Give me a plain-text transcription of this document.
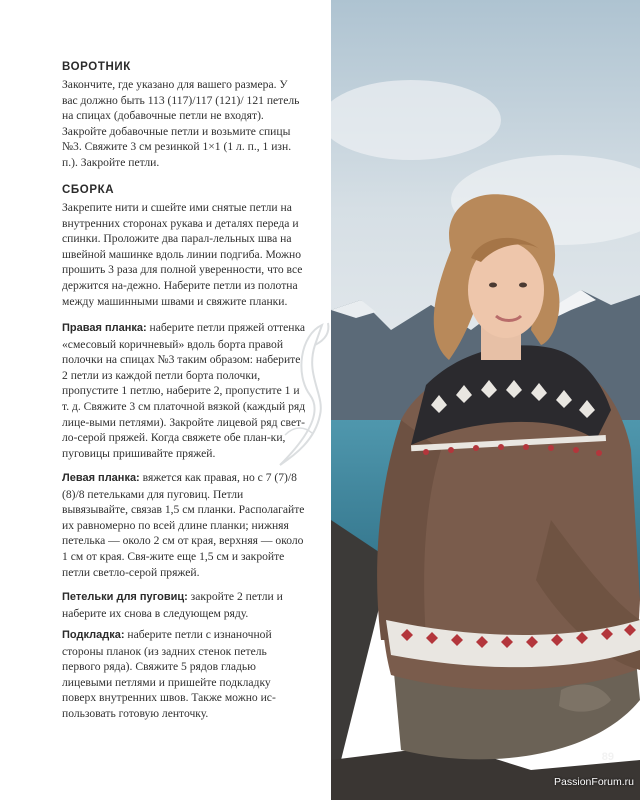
ВОРОТНИК

Закончите, где указано для вашего размера. У вас должно быть 113 (117)/117 (121)/ 121 петель на спицах (добавочные петли не входят). Закройте добавочные петли и возьмите спицы №3. Свяжите 3 см резинкой 1×1 (1 л. п., 1 изн. п.). Закройте петли.

СБОРКА

Закрепите нити и сшейте ими снятые петли на внутренних сторонах рукава и деталях переда и спинки. Проложите два парал-лельных шва на швейной машинке вдоль линии подгиба. Можно прошить 3 раза для полной уверенности, что все держится на-дежно. Наберите петли из полотна между машинными швами и свяжите планки.

Правая планка: наберите петли пряжей оттенка «смесовый коричневый» вдоль борта правой полочки на спицах №3 таким образом: наберите 2 петли из каждой петли борта полочки, пропустите 1 петлю, наберите 2, пропустите 1 и т. д. Свяжите 3 см платочной вязкой (каждый ряд лице-выми петлями). Закройте лицевой ряд свет-ло-серой пряжей. Когда свяжете обе план-ки, пуговицы пришивайте пряжей.

Левая планка: вяжется как правая, но с 7 (7)/8 (8)/8 петельками для пуговиц. Петли вывязывайте, связав 1,5 см планки. Располагайте их равномерно по всей длине планки; нижняя петелька — около 2 см от края, верхняя — около 1 см от края. Свя-жите еще 1,5 см и закройте петли светло-серой пряжей.

Петельки для пуговиц: закройте 2 петли и наберите их снова в следующем ряду.

Подкладка: наберите петли с изнаночной стороны планок (из задних стенок петель первого ряда). Свяжите 5 рядов гладью лицевыми петлями и пришейте подкладку поверх внутренних швов. Также можно ис-пользовать готовую ленточку.

89
PassionForum.ru
